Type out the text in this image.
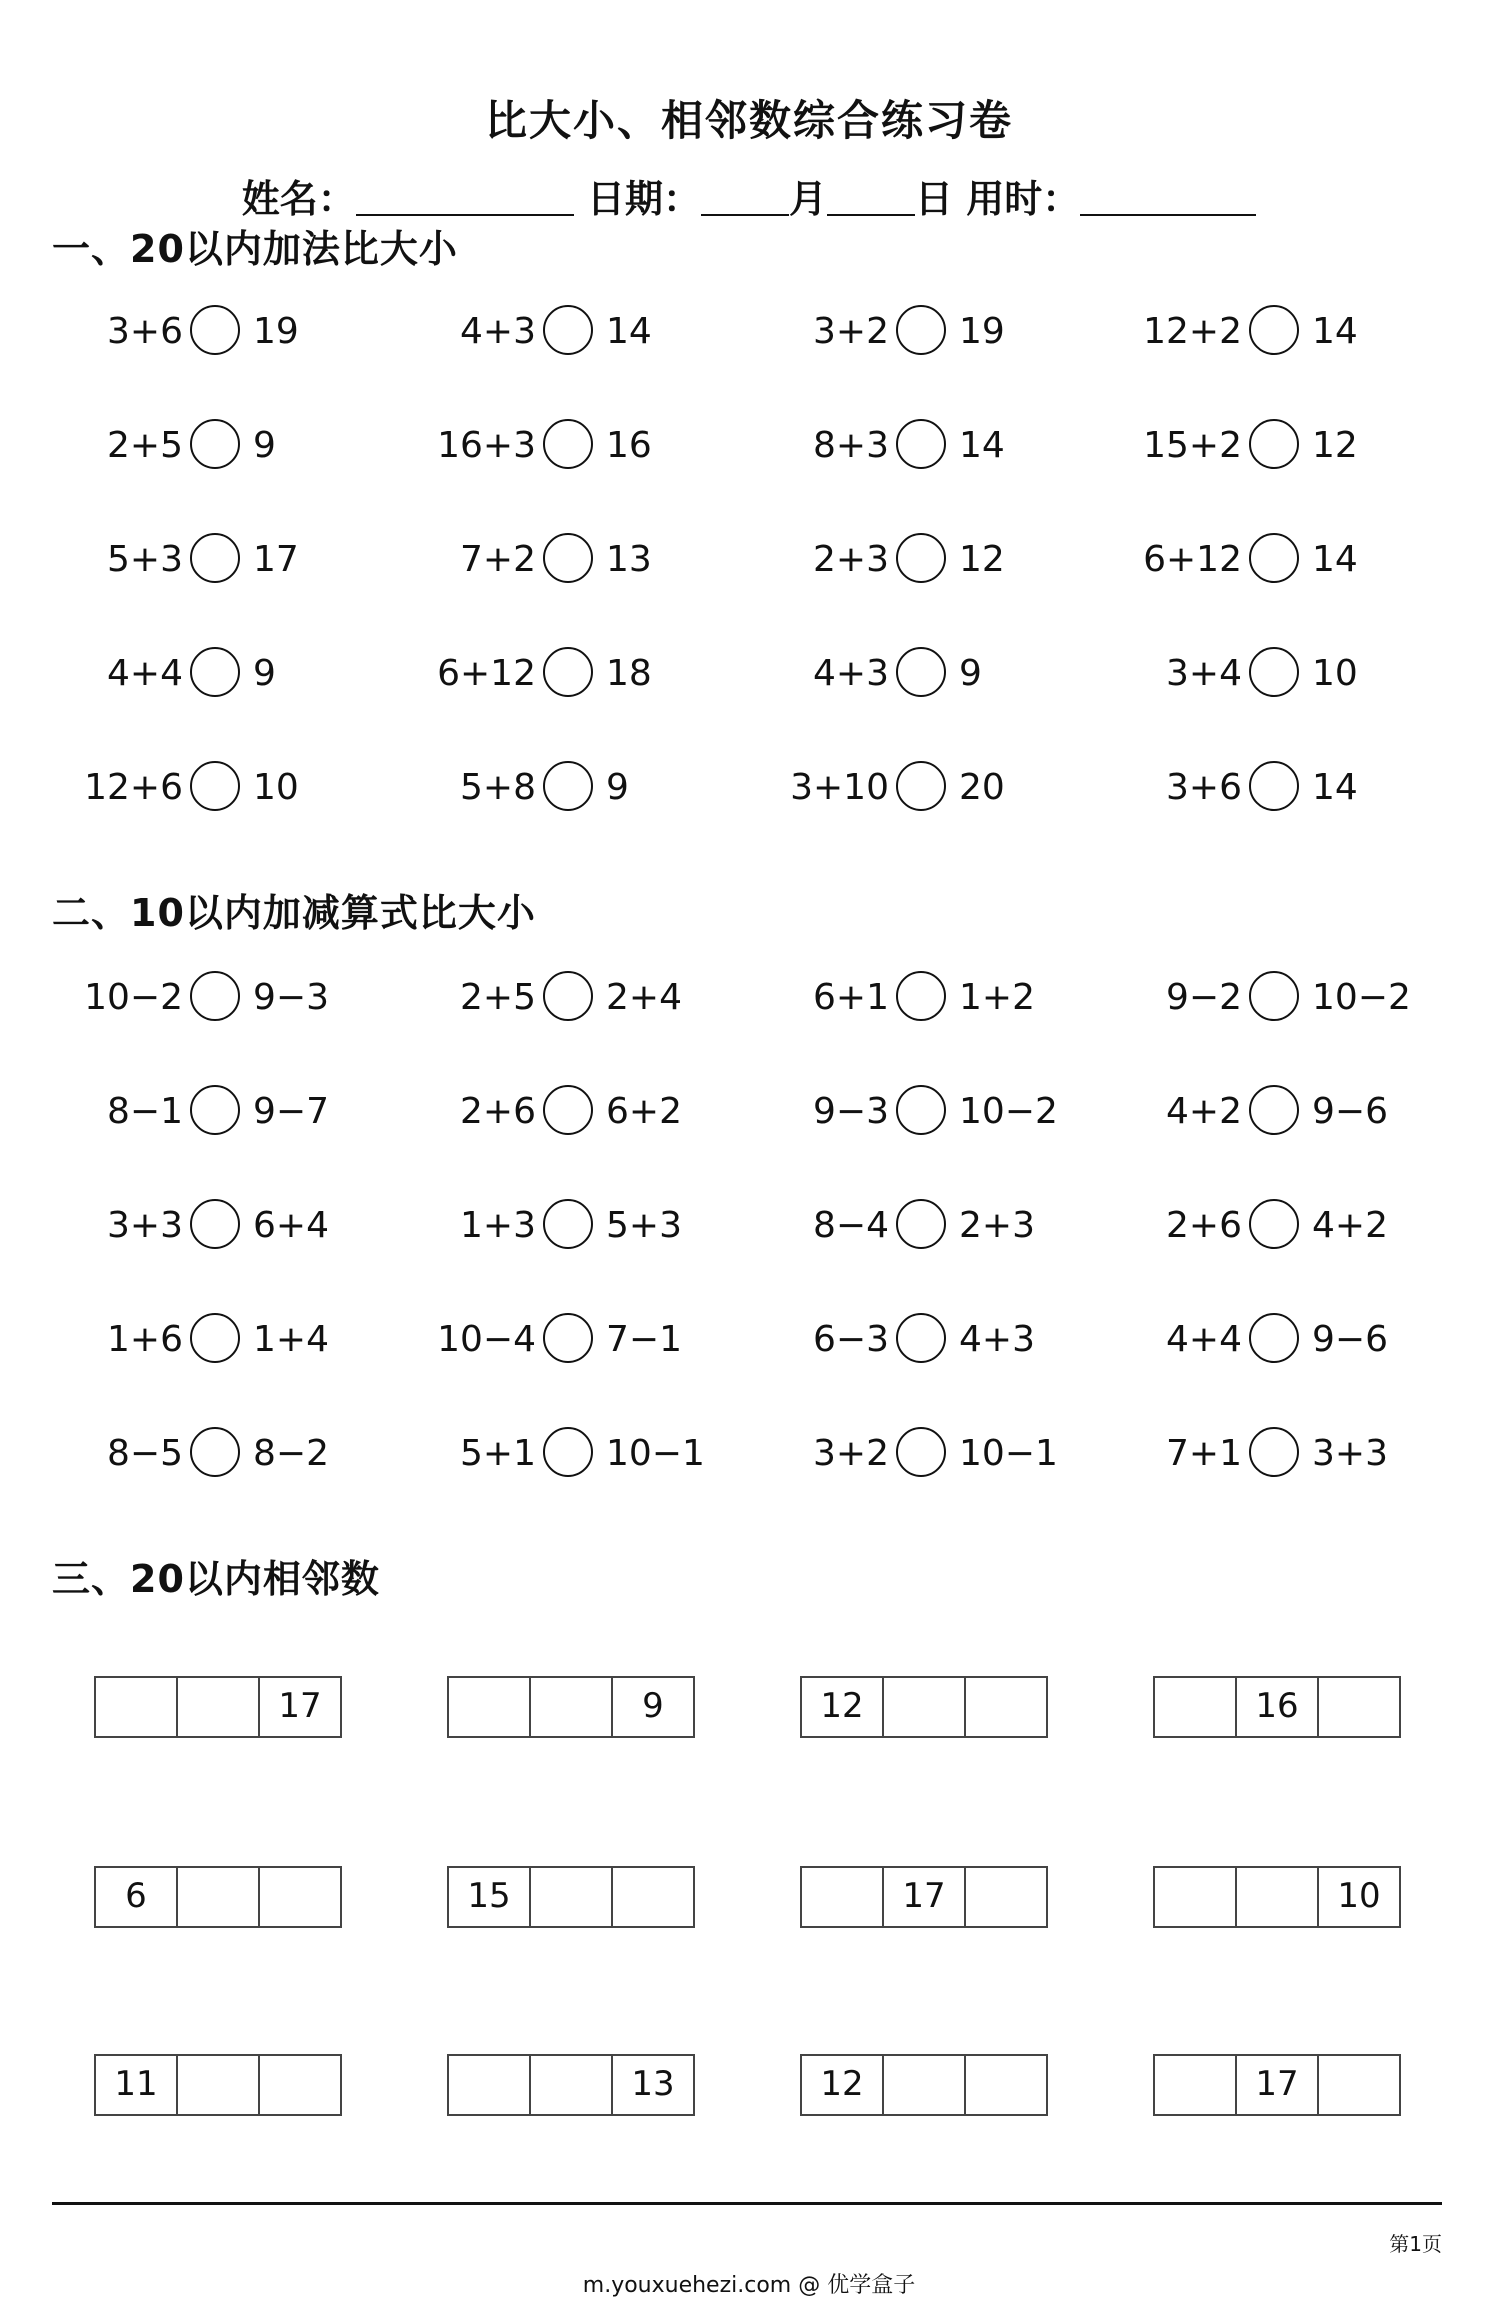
比大小、相邻数综合练习卷
姓名：	日期： 月 日 用时：
一、20以内加法比大小
3+6 19	4+3 14	3+2 19	12+2 14
2+5 9	16+3 16	8+3 14	15+2 12
5+3 17	7+2 13	2+3 12	6+12 14
4+4 9	6+12 18	4+3 9	3+4 10
12+6 10	5+8 9	3+10 20	3+6 14
二、10以内加减算式比大小
10−2 9−3	2+5 2+4	6+1 1+2	9−2 10−2
8−1 9−7	2+6 6+2	9−3 10−2	4+2 9−6
3+3 6+4	1+3 5+3	8−4 2+3	2+6 4+2
1+6 1+4	10−4 7−1	6−3 4+3	4+4 9−6
8−5 8−2	5+1 10−1	3+2 10−1	7+1 3+3
三、20以内相邻数
17	9	12	16
6	15	17	10
11	13	12	17
第1页
m.youxuehezi.com @ 优学盒子
